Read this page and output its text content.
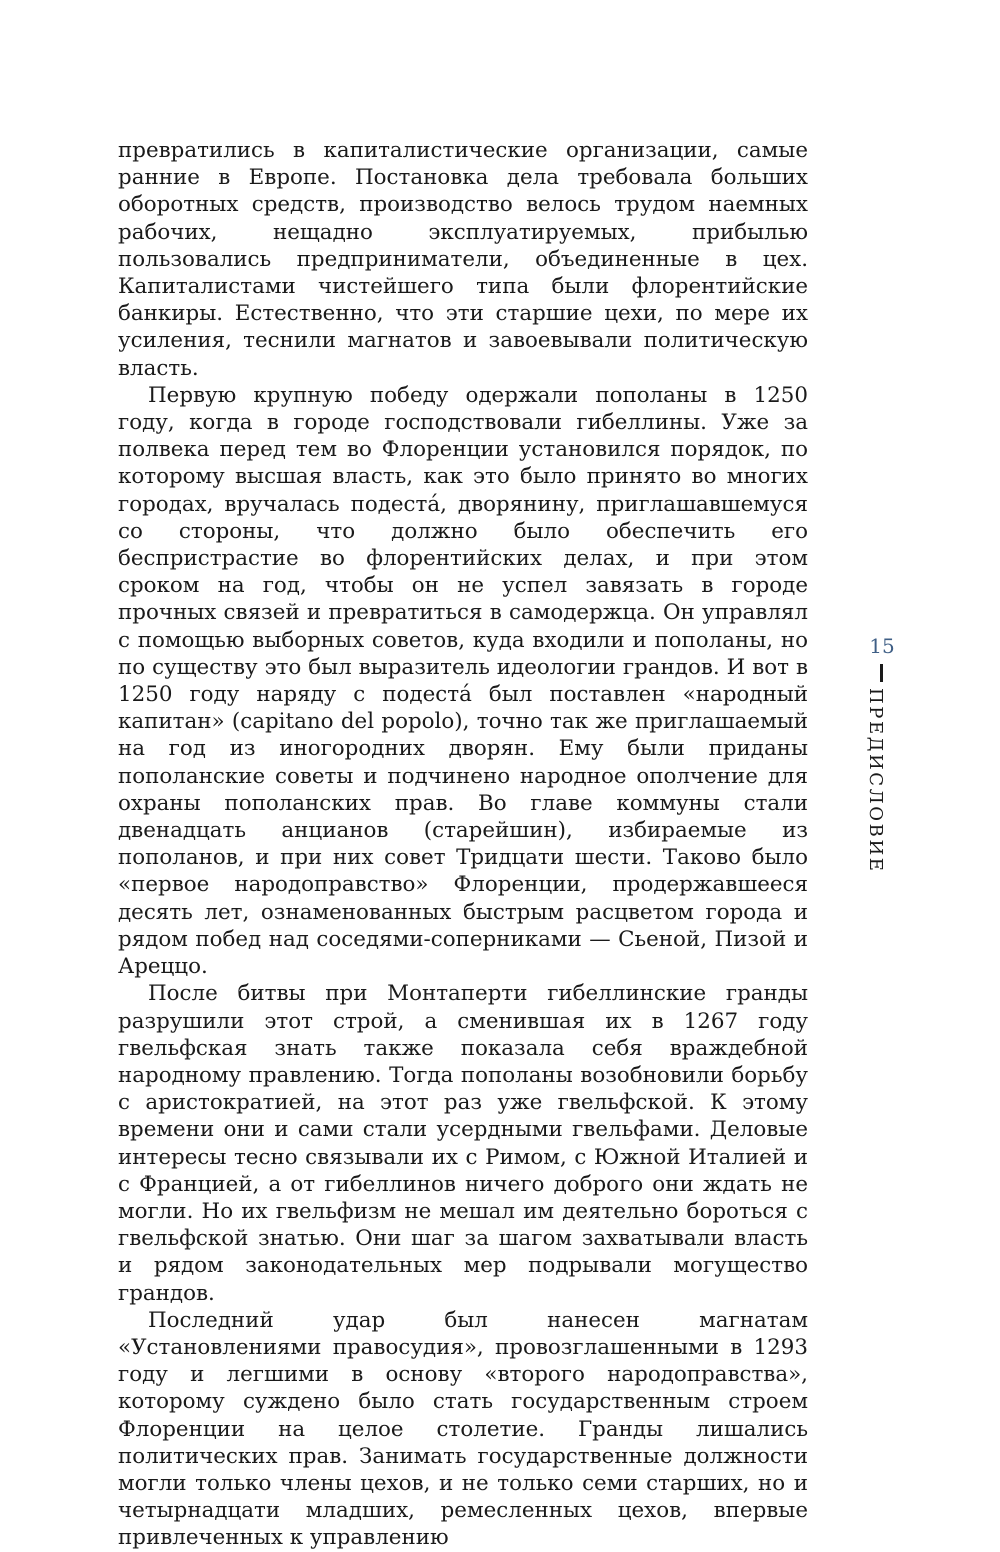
превратились в капиталистические организации, самые ранние в Европе. Постановка дела требовала больших оборотных средств, производство велось трудом наемных рабочих, нещадно эксплуатируемых, прибылью пользовались предприниматели, объединенные в цех. Капиталистами чистейшего типа были флорентийские банкиры. Естественно, что эти старшие цехи, по мере их усиления, теснили магнатов и завоевывали политическую власть.

Первую крупную победу одержали пополаны в 1250 году, когда в городе господствовали гибеллины. Уже за полвека перед тем во Флоренции установился порядок, по которому высшая власть, как это было принято во многих городах, вручалась подеста́, дворянину, приглашавшемуся со стороны, что должно было обеспечить его беспристрастие во флорентийских делах, и при этом сроком на год, чтобы он не успел завязать в городе прочных связей и превратиться в самодержца. Он управлял с помощью выборных советов, куда входили и пополаны, но по существу это был выразитель идеологии грандов. И вот в 1250 году наряду с подеста́ был поставлен «народный капитан» (capitano del popolo), точно так же приглашаемый на год из иногородних дворян. Ему были приданы пополанские советы и подчинено народное ополчение для охраны пополанских прав. Во главе коммуны стали двенадцать анцианов (старейшин), избираемые из пополанов, и при них совет Тридцати шести. Таково было «первое народоправство» Флоренции, продержавшееся десять лет, ознаменованных быстрым расцветом города и рядом побед над соседями-соперниками — Сьеной, Пизой и Ареццо.

После битвы при Монтаперти гибеллинские гранды разрушили этот строй, а сменившая их в 1267 году гвельфская знать также показала себя враждебной народному правлению. Тогда пополаны возобновили борьбу с аристократией, на этот раз уже гвельфской. К этому времени они и сами стали усердными гвельфами. Деловые интересы тесно связывали их с Римом, с Южной Италией и с Францией, а от гибеллинов ничего доброго они ждать не могли. Но их гвельфизм не мешал им деятельно бороться с гвельфской знатью. Они шаг за шагом захватывали власть и рядом законодательных мер подрывали могущество грандов.

Последний удар был нанесен магнатам «Установлениями правосудия», провозглашенными в 1293 году и легшими в основу «второго народоправства», которому суждено было стать государственным строем Флоренции на целое столетие. Гранды лишались политических прав. Занимать государственные должности могли только члены цехов, и не только семи старших, но и четырнадцати младших, ремесленных цехов, впервые привлеченных к управлению

15
ПРЕДИСЛОВИЕ
